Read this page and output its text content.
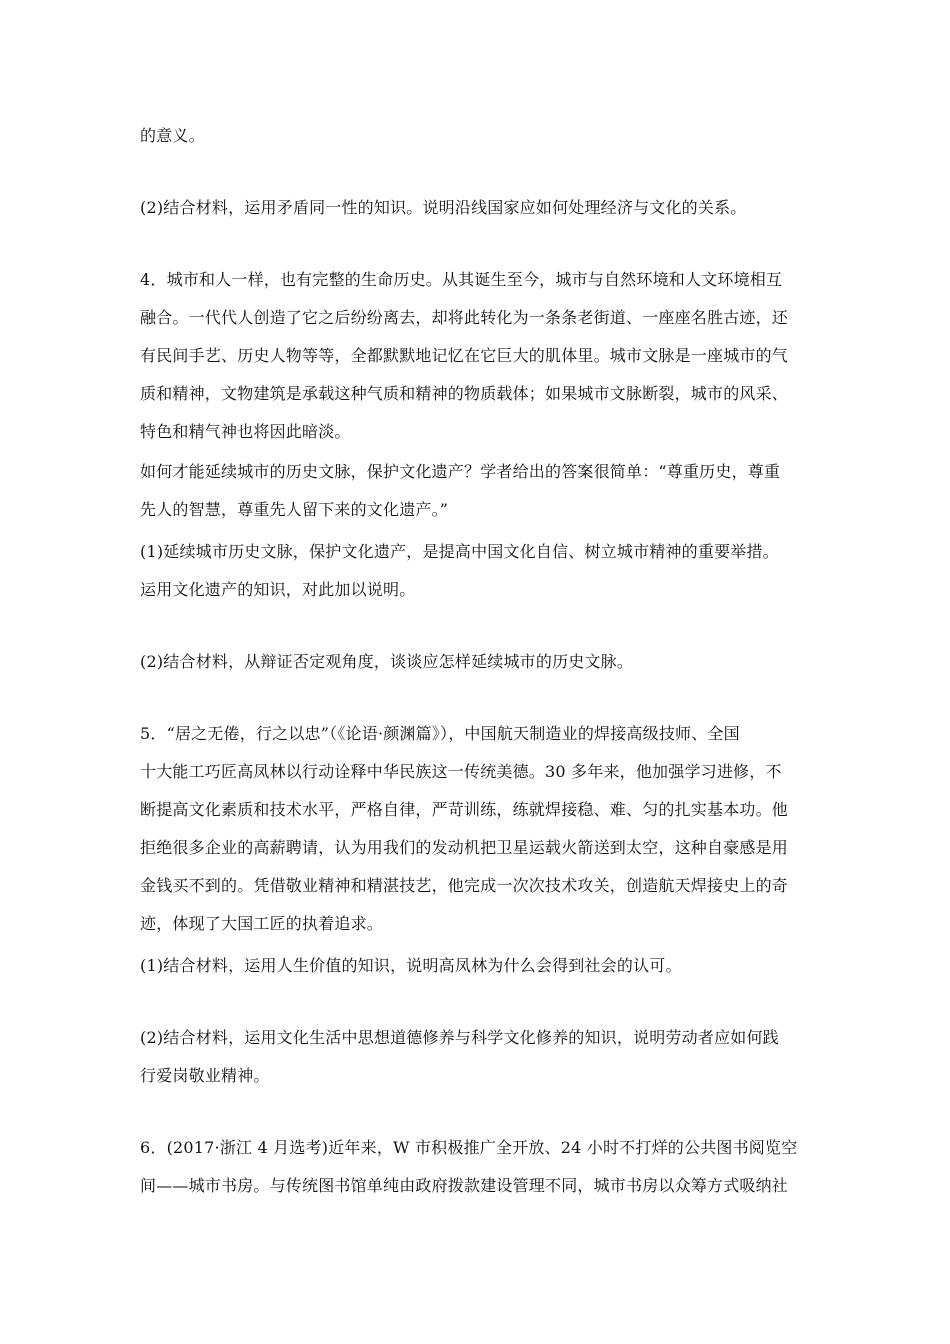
的意义。
(2)结合材料，运用矛盾同一性的知识。说明沿线国家应如何处理经济与文化的关系。
4．城市和人一样，也有完整的生命历史。从其诞生至今，城市与自然环境和人文环境相互
融合。一代代人创造了它之后纷纷离去，却将此转化为一条条老街道、一座座名胜古迹，还
有民间手艺、历史人物等等，全都默默地记忆在它巨大的肌体里。城市文脉是一座城市的气
质和精神，文物建筑是承载这种气质和精神的物质载体；如果城市文脉断裂，城市的风采、
特色和精气神也将因此暗淡。
如何才能延续城市的历史文脉，保护文化遗产？学者给出的答案很简单：“尊重历史，尊重
先人的智慧，尊重先人留下来的文化遗产。”
(1)延续城市历史文脉，保护文化遗产，是提高中国文化自信、树立城市精神的重要举措。
运用文化遗产的知识，对此加以说明。
(2)结合材料，从辩证否定观角度，谈谈应怎样延续城市的历史文脉。
5．“居之无倦，行之以忠”（《论语·颜渊篇》），中国航天制造业的焊接高级技师、全国
十大能工巧匠高凤林以行动诠释中华民族这一传统美德。30 多年来，他加强学习进修，不
断提高文化素质和技术水平，严格自律，严苛训练，练就焊接稳、难、匀的扎实基本功。他
拒绝很多企业的高薪聘请，认为用我们的发动机把卫星运载火箭送到太空，这种自豪感是用
金钱买不到的。凭借敬业精神和精湛技艺，他完成一次次技术攻关，创造航天焊接史上的奇
迹，体现了大国工匠的执着追求。
(1)结合材料，运用人生价值的知识，说明高凤林为什么会得到社会的认可。
(2)结合材料，运用文化生活中思想道德修养与科学文化修养的知识，说明劳动者应如何践
行爱岗敬业精神。
6．(2017·浙江 4 月选考)近年来，W 市积极推广全开放、24 小时不打烊的公共图书阅览空
间——城市书房。与传统图书馆单纯由政府拨款建设管理不同，城市书房以众筹方式吸纳社
